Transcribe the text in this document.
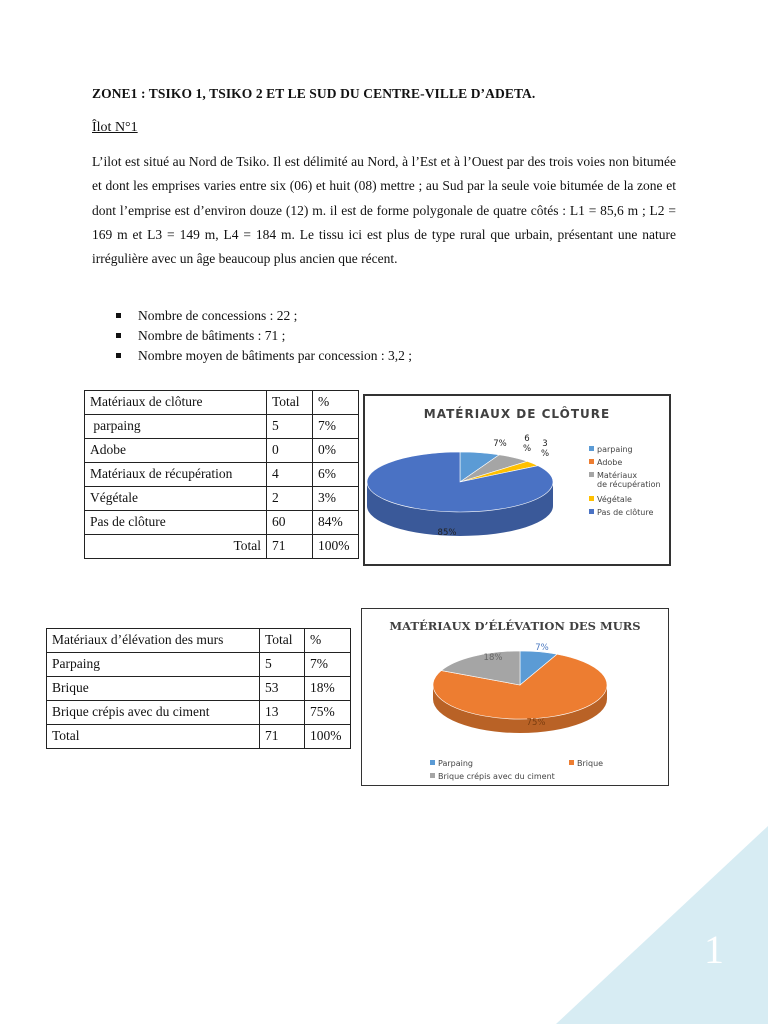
1
ZONE1 : TSIKO 1, TSIKO 2 ET LE SUD DU CENTRE-VILLE D’ADETA.
Îlot N°1
L’ilot est situé au Nord de Tsiko. Il est délimité au Nord, à l’Est et à l’Ouest par des trois voies non bitumée et dont les emprises varies entre six (06) et huit (08) mettre ; au Sud par la seule voie bitumée de la zone et dont l’emprise est d’environ douze (12) m. il est de forme polygonale de quatre côtés : L1 = 85,6 m ; L2 = 169 m et L3 = 149 m, L4 = 184 m. Le tissu ici est plus de type rural que urbain, présentant une nature irrégulière avec un âge beaucoup plus ancien que récent.
Nombre de concessions : 22 ;
Nombre de bâtiments : 71 ;
Nombre moyen de bâtiments par concession : 3,2 ;
Matériaux de clôture	Total	%
parpaing	5	7%
Adobe	0	0%
Matériaux de récupération	4	6%
Végétale	2	3%
Pas de clôture	60	84%
Total	71	100%
Matériaux d’élévation des murs	Total	%
Parpaing	5	7%
Brique	53	18%
Brique crépis avec du ciment	13	75%
Total	71	100%
MATÉRIAUX DE CLÔTURE
7% 6 % 3 %
85%
parpaing
Adobe
Matériaux de récupération
Végétale
Pas de clôture
MATÉRIAUX D’ÉLÉVATION DES MURS
7%
75%
18%
Parpaing	Brique
Brique crépis avec du ciment
